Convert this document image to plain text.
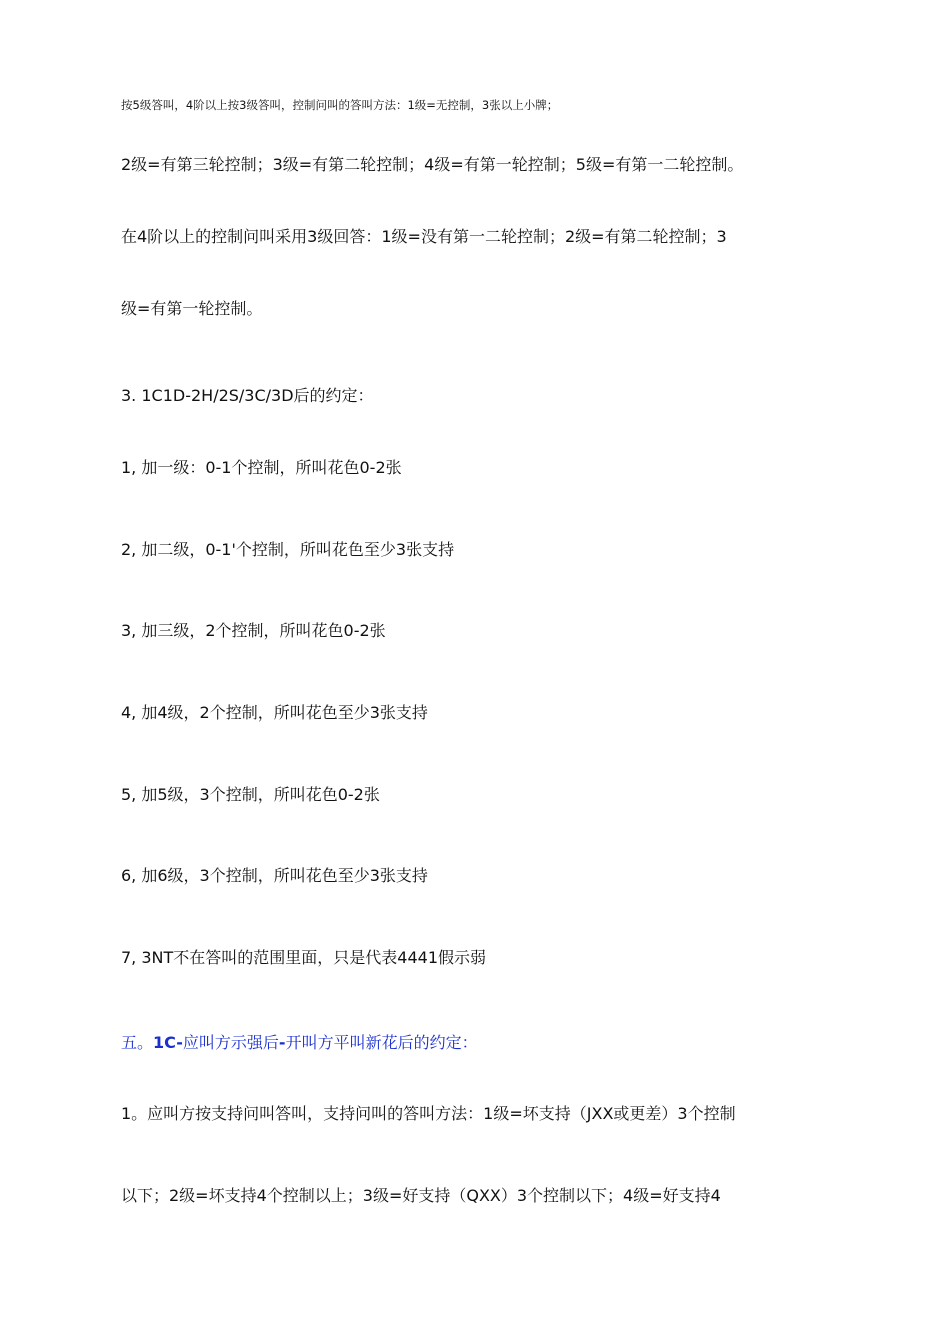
按5级答叫，4阶以上按3级答叫，控制问叫的答叫方法：1级=无控制，3张以上小牌；
2级=有第三轮控制；3级=有第二轮控制；4级=有第一轮控制；5级=有第一二轮控制。
在4阶以上的控制问叫采用3级回答：1级=没有第一二轮控制；2级=有第二轮控制；3
级=有第一轮控制。
3. 1C1D-2H/2S/3C/3D后的约定：
1, 加一级：0-1个控制，所叫花色0-2张
2, 加二级，0-1'个控制，所叫花色至少3张支持
3, 加三级，2个控制，所叫花色0-2张
4, 加4级，2个控制，所叫花色至少3张支持
5, 加5级，3个控制，所叫花色0-2张
6, 加6级，3个控制，所叫花色至少3张支持
7, 3NT不在答叫的范围里面，只是代表4441假示弱
五。1C-应叫方示强后-开叫方平叫新花后的约定：
1。应叫方按支持问叫答叫，支持问叫的答叫方法：1级=坏支持（JXX或更差）3个控制
以下；2级=坏支持4个控制以上；3级=好支持（QXX）3个控制以下；4级=好支持4
